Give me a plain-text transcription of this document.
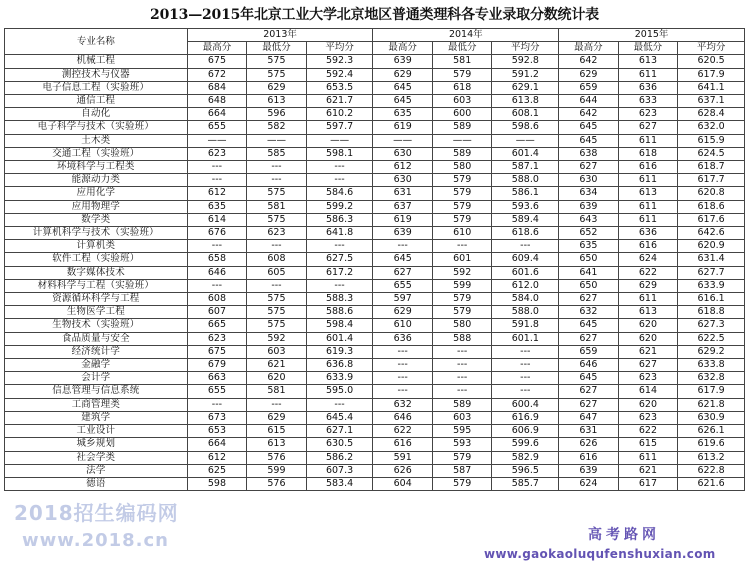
2013—2015年北京工业大学北京地区普通类理科各专业录取分数统计表
专业名称	2013年			2014年			2015年		
	最高分	最低分	平均分	最高分	最低分	平均分	最高分	最低分	平均分
机械工程	675	575	592.3	639	581	592.8	642	613	620.5
测控技术与仪器	672	575	592.4	629	579	591.2	629	611	617.9
电子信息工程（实验班）	684	629	653.5	645	618	629.1	659	636	641.1
通信工程	648	613	621.7	645	603	613.8	644	633	637.1
自动化	664	596	610.2	635	600	608.1	642	623	628.4
电子科学与技术（实验班）	655	582	597.7	619	589	598.6	645	627	632.0
土木类	——	——	——	——	——	——	645	611	615.9
交通工程（实验班）	623	585	598.1	630	589	601.4	638	618	624.5
环境科学与工程类	---	---	---	612	580	587.1	627	616	618.7
能源动力类	---	---	---	630	579	588.0	630	611	617.7
应用化学	612	575	584.6	631	579	586.1	634	613	620.8
应用物理学	635	581	599.2	637	579	593.6	639	611	618.6
数学类	614	575	586.3	619	579	589.4	643	611	617.6
计算机科学与技术（实验班）	676	623	641.8	639	610	618.6	652	636	642.6
计算机类	---	---	---	---	---	---	635	616	620.9
软件工程（实验班）	658	608	627.5	645	601	609.4	650	624	631.4
数字媒体技术	646	605	617.2	627	592	601.6	641	622	627.7
材料科学与工程（实验班）	---	---	---	655	599	612.0	650	629	633.9
资源循环科学与工程	608	575	588.3	597	579	584.0	627	611	616.1
生物医学工程	607	575	588.6	629	579	588.0	632	613	618.8
生物技术（实验班）	665	575	598.4	610	580	591.8	645	620	627.3
食品质量与安全	623	592	601.4	636	588	601.1	627	620	622.5
经济统计学	675	603	619.3	---	---	---	659	621	629.2
金融学	679	621	636.8	---	---	---	646	627	633.8
会计学	663	620	633.9	---	---	---	645	623	632.8
信息管理与信息系统	655	581	595.0	---	---	---	627	614	617.9
工商管理类	---	---	---	632	589	600.4	627	620	621.8
建筑学	673	629	645.4	646	603	616.9	647	623	630.9
工业设计	653	615	627.1	622	595	606.9	631	622	626.1
城乡规划	664	613	630.5	616	593	599.6	626	615	619.6
社会学类	612	576	586.2	591	579	582.9	616	611	613.2
法学	625	599	607.3	626	587	596.5	639	621	622.8
德语	598	576	583.4	604	579	585.7	624	617	621.6
2018招生编码网
www.2018.cn	高考路网
www.gaokaoluqufenshuxian.com
